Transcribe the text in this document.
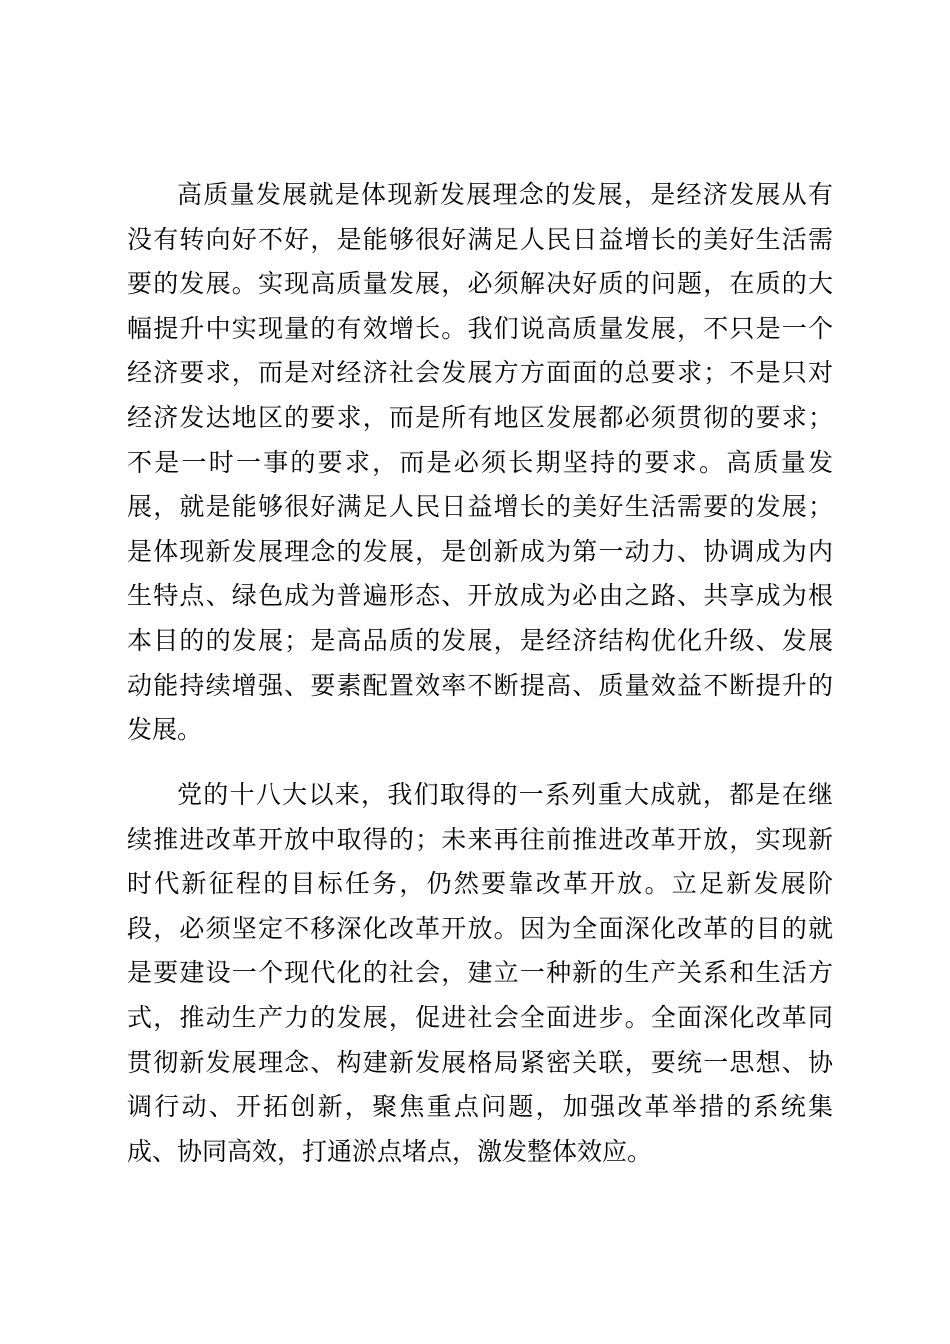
高质量发展就是体现新发展理念的发展，是经济发展从有
没有转向好不好，是能够很好满足人民日益增长的美好生活需
要的发展。实现高质量发展，必须解决好质的问题，在质的大
幅提升中实现量的有效增长。我们说高质量发展，不只是一个
经济要求，而是对经济社会发展方方面面的总要求；不是只对
经济发达地区的要求，而是所有地区发展都必须贯彻的要求；
不是一时一事的要求，而是必须长期坚持的要求。高质量发
展，就是能够很好满足人民日益增长的美好生活需要的发展；
是体现新发展理念的发展，是创新成为第一动力、协调成为内
生特点、绿色成为普遍形态、开放成为必由之路、共享成为根
本目的的发展；是高品质的发展，是经济结构优化升级、发展
动能持续增强、要素配置效率不断提高、质量效益不断提升的
发展。
党的十八大以来，我们取得的一系列重大成就，都是在继
续推进改革开放中取得的；未来再往前推进改革开放，实现新
时代新征程的目标任务，仍然要靠改革开放。立足新发展阶
段，必须坚定不移深化改革开放。因为全面深化改革的目的就
是要建设一个现代化的社会，建立一种新的生产关系和生活方
式，推动生产力的发展，促进社会全面进步。全面深化改革同
贯彻新发展理念、构建新发展格局紧密关联，要统一思想、协
调行动、开拓创新，聚焦重点问题，加强改革举措的系统集
成、协同高效，打通淤点堵点，激发整体效应。
